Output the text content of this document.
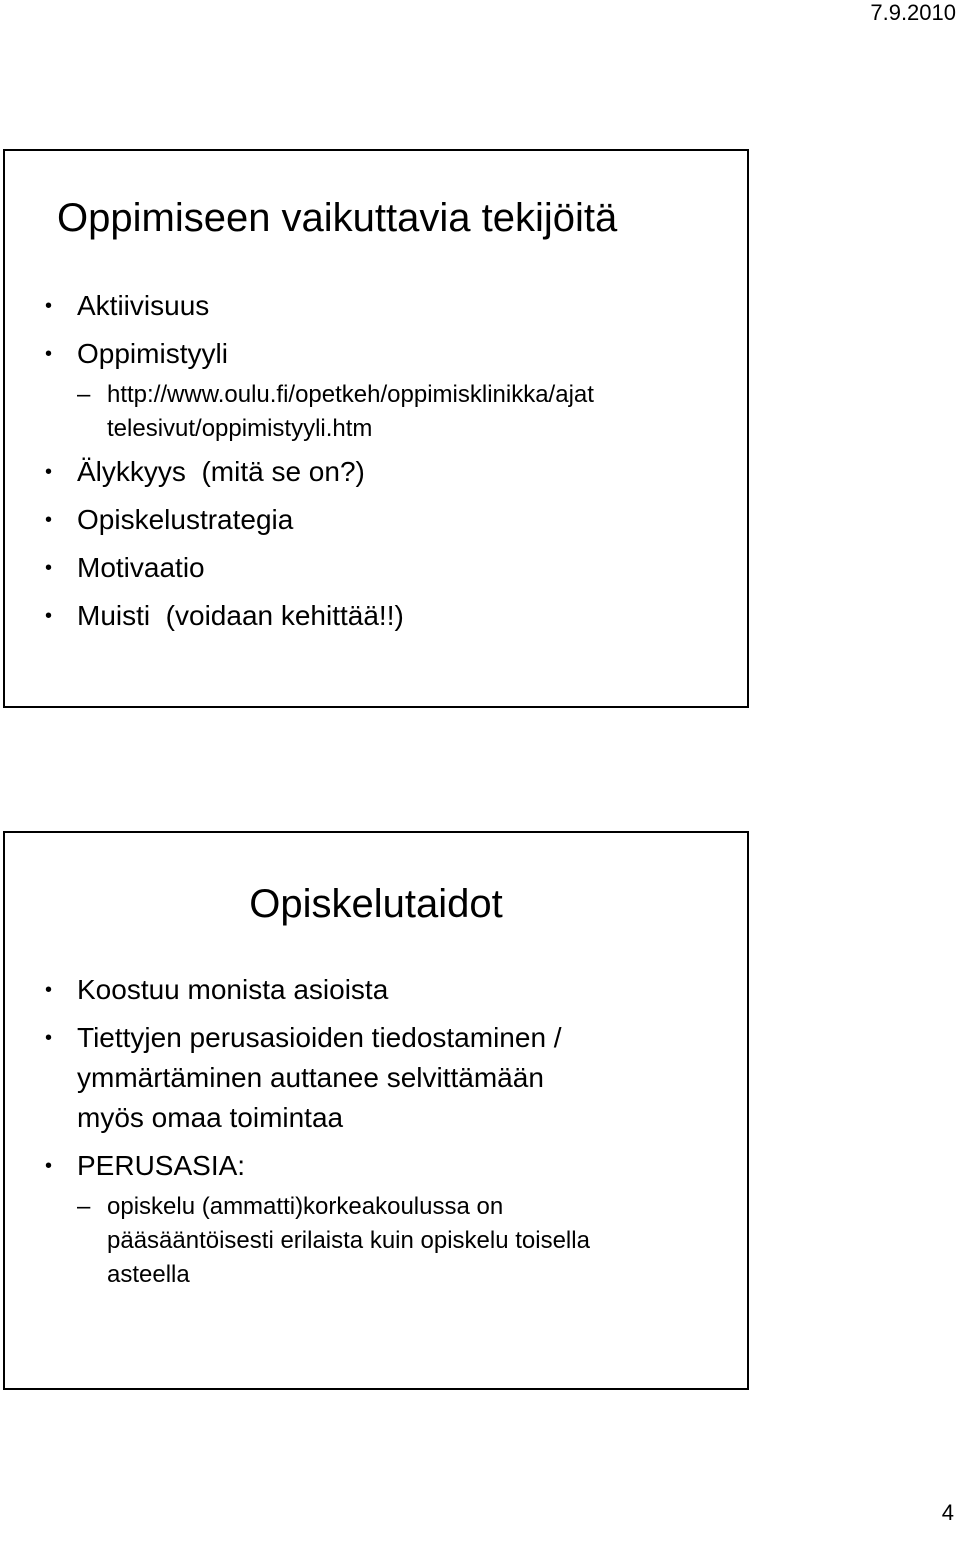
7.9.2010
Oppimiseen vaikuttavia tekijöitä
• Aktiivisuus
• Oppimistyyli
– http://www.oulu.fi/opetkeh/oppimisklinikka/ajat
telesivut/oppimistyyli.htm
• Älykkyys  (mitä se on?)
• Opiskelustrategia
• Motivaatio
• Muisti  (voidaan kehittää!!)
Opiskelutaidot
• Koostuu monista asioista
• Tiettyjen perusasioiden tiedostaminen /
ymmärtäminen auttanee selvittämään
myös omaa toimintaa
• PERUSASIA:
– opiskelu (ammatti)korkeakoulussa on
pääsääntöisesti erilaista kuin opiskelu toisella
asteella
4
